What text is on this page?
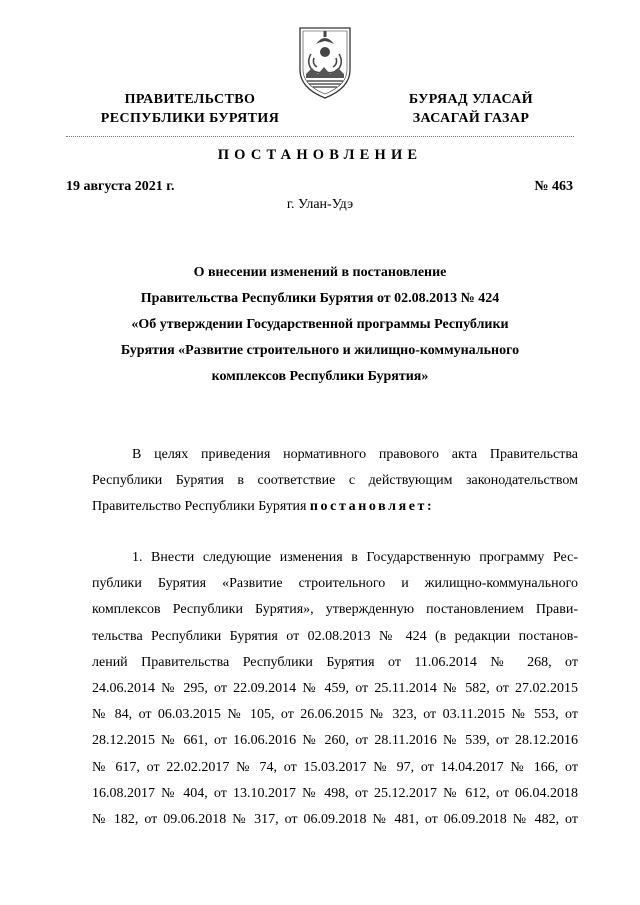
ПРАВИТЕЛЬСТВО
РЕСПУБЛИКИ БУРЯТИЯ
БУРЯАД УЛАСАЙ
ЗАСАГАЙ ГАЗАР
ПОСТАНОВЛЕНИЕ
19 августа 2021 г.	№ 463
г. Улан-Удэ
О внесении изменений в постановление
Правительства Республики Бурятия от 02.08.2013 № 424
«Об утверждении Государственной программы Республики
Бурятия «Развитие строительного и жилищно-коммунального
комплексов Республики Бурятия»
В целях приведения нормативного правового акта Правительства
Республики Бурятия в соответствие с действующим законодательством
Правительство Республики Бурятия постановляет:
1. Внести следующие изменения в Государственную программу Рес-
публики Бурятия «Развитие строительного и жилищно-коммунального
комплексов Республики Бурятия», утвержденную постановлением Прави-
тельства Республики Бурятия от 02.08.2013 № 424 (в редакции постанов-
лений Правительства Республики Бурятия от 11.06.2014 № 268, от
24.06.2014 № 295, от 22.09.2014 № 459, от 25.11.2014 № 582, от 27.02.2015
№ 84, от 06.03.2015 № 105, от 26.06.2015 № 323, от 03.11.2015 № 553, от
28.12.2015 № 661, от 16.06.2016 № 260, от 28.11.2016 № 539, от 28.12.2016
№ 617, от 22.02.2017 № 74, от 15.03.2017 № 97, от 14.04.2017 № 166, от
16.08.2017 № 404, от 13.10.2017 № 498, от 25.12.2017 № 612, от 06.04.2018
№ 182, от 09.06.2018 № 317, от 06.09.2018 № 481, от 06.09.2018 № 482, от
